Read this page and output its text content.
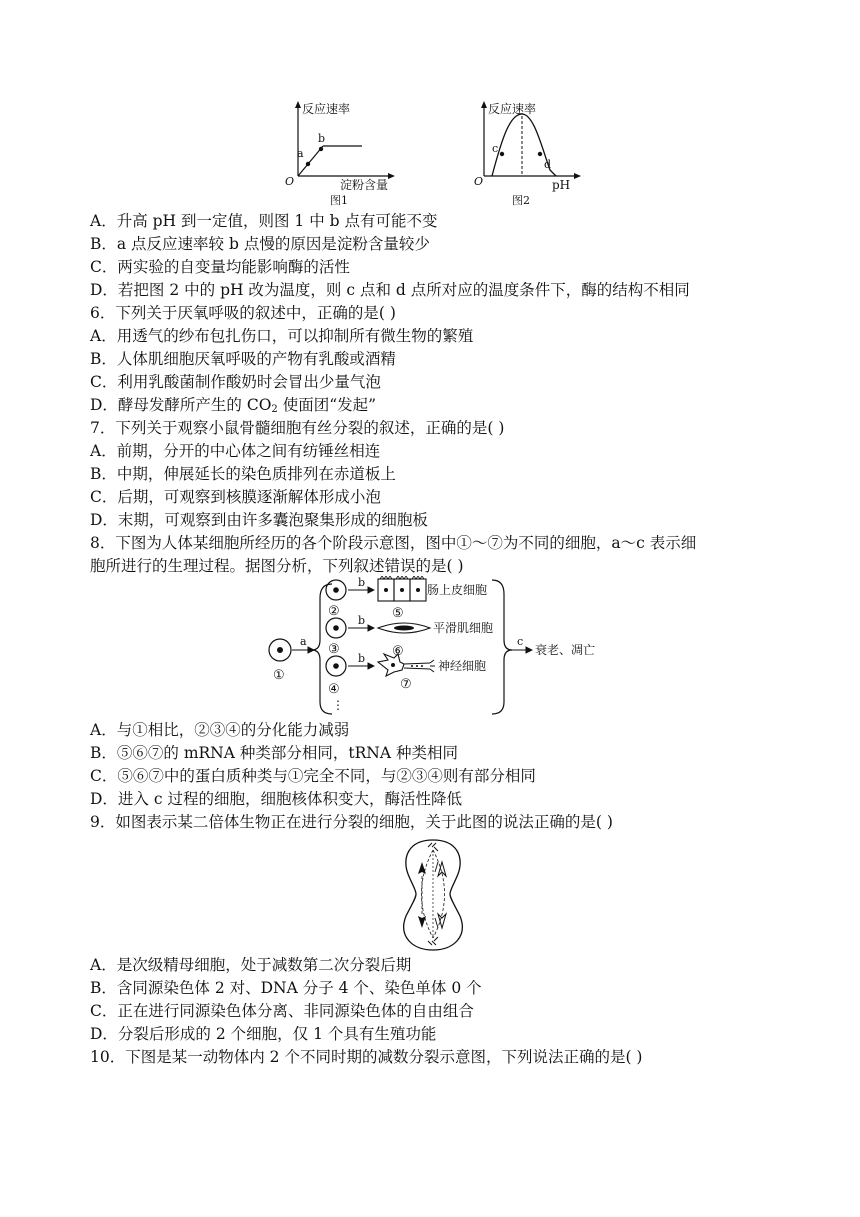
反应速率
a
b
O	淀粉含量
图1
反应速率
c
d
O	pH
图2
A．升高 pH 到一定值，则图 1 中 b 点有可能不变
B．a 点反应速率较 b 点慢的原因是淀粉含量较少
C．两实验的自变量均能影响酶的活性
D．若把图 2 中的 pH 改为温度，则 c 点和 d 点所对应的温度条件下，酶的结构不相同
6．下列关于厌氧呼吸的叙述中，正确的是( )
A．用透气的纱布包扎伤口，可以抑制所有微生物的繁殖
B．人体肌细胞厌氧呼吸的产物有乳酸或酒精
C．利用乳酸菌制作酸奶时会冒出少量气泡
D．酵母发酵所产生的 $CO_2$ 使面团“发起”
7．下列关于观察小鼠骨髓细胞有丝分裂的叙述，正确的是( )
A．前期，分开的中心体之间有纺锤丝相连
B．中期，伸展延长的染色质排列在赤道板上
C．后期，可观察到核膜逐渐解体形成小泡
D．末期，可观察到由许多囊泡聚集形成的细胞板
8．下图为人体某细胞所经历的各个阶段示意图，图中①～⑦为不同的细胞，a～c 表示细
胞所进行的生理过程。据图分析，下列叙述错误的是( )
①
a
②
③
④
⋮
b
b
b
肠上皮细胞
⑤
平滑肌细胞
⑥
神经细胞
⑦
c
衰老、凋亡
A．与①相比，②③④的分化能力减弱
B．⑤⑥⑦的 mRNA 种类部分相同，tRNA 种类相同
C．⑤⑥⑦中的蛋白质种类与①完全不同，与②③④则有部分相同
D．进入 c 过程的细胞，细胞核体积变大，酶活性降低
9．如图表示某二倍体生物正在进行分裂的细胞，关于此图的说法正确的是( )
A．是次级精母细胞，处于减数第二次分裂后期
B．含同源染色体 2 对、DNA 分子 4 个、染色单体 0 个
C．正在进行同源染色体分离、非同源染色体的自由组合
D．分裂后形成的 2 个细胞，仅 1 个具有生殖功能
10．下图是某一动物体内 2 个不同时期的减数分裂示意图，下列说法正确的是( )
